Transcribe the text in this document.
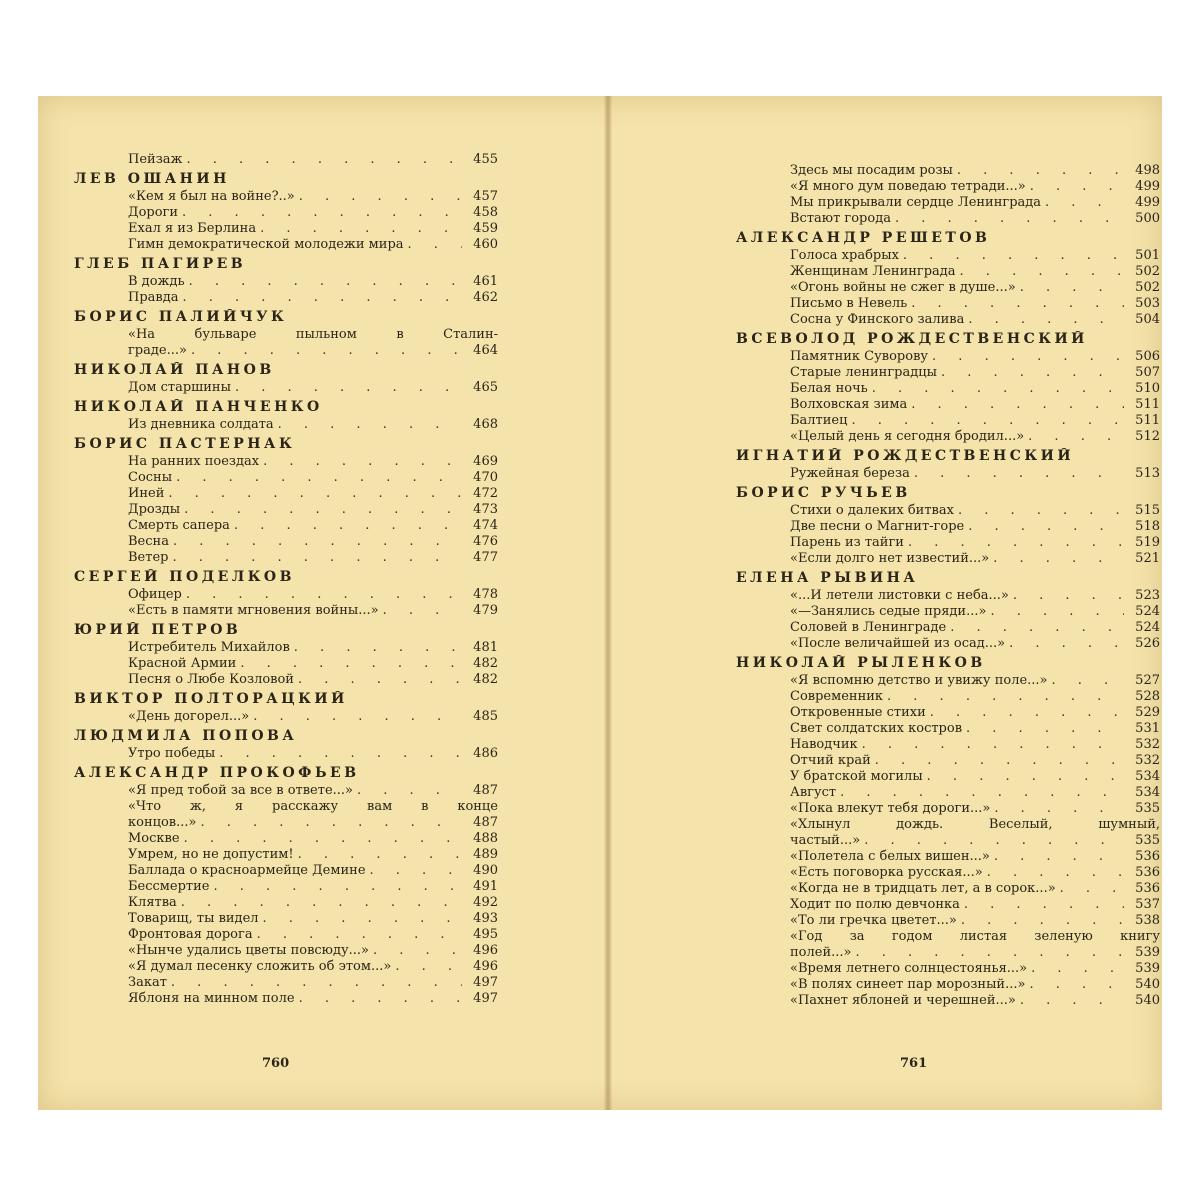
Пейзаж . . .	455
ЛЕВ ОШАНИН
«Кем я был на войне?..» . . .	457
Дороги . . .	458
Ехал я из Берлина . . .	459
Гимн демократической молодежи мира . . .	460
ГЛЕБ ПАГИРЕВ
В дождь . . .	461
Правда . . .	462
БОРИС ПАЛИЙЧУК
«На бульваре пыльном в Сталин-
граде...» . . .	464
НИКОЛАЙ ПАНОВ
Дом старшины . . .	465
НИКОЛАЙ ПАНЧЕНКО
Из дневника солдата . . .	468
БОРИС ПАСТЕРНАК
На ранних поездах . . .	469
Сосны . . .	470
Иней . . .	472
Дрозды . . .	473
Смерть сапера . . .	474
Весна . . .	476
Ветер . . .	477
СЕРГЕЙ ПОДЕЛКОВ
Офицер . . .	478
«Есть в памяти мгновения войны...» . . .	479
ЮРИЙ ПЕТРОВ
Истребитель Михайлов . . .	481
Красной Армии . . .	482
Песня о Любе Козловой . . .	482
ВИКТОР ПОЛТОРАЦКИЙ
«День догорел...» . . .	485
ЛЮДМИЛА ПОПОВА
Утро победы . . .	486
АЛЕКСАНДР ПРОКОФЬЕВ
«Я пред тобой за все в ответе...» . . .	487
«Что ж, я расскажу вам в конце
концов...» . . .	487
Москве . . .	488
Умрем, но не допустим! . . .	489
Баллада о красноармейце Демине . . .	490
Бессмертие . . .	491
Клятва . . .	492
Товарищ, ты видел . . .	493
Фронтовая дорога . . .	495
«Нынче удались цветы повсюду...» . . .	496
«Я думал песенку сложить об этом...» . . .	496
Закат . . .	497
Яблоня на минном поле . . .	497
760
Здесь мы посадим розы . . .	498
«Я много дум поведаю тетради...» . . .	499
Мы прикрывали сердце Ленинграда . . .	499
Встают города . . .	500
АЛЕКСАНДР РЕШЕТОВ
Голоса храбрых . . .	501
Женщинам Ленинграда . . .	502
«Огонь войны не сжег в душе...» . . .	502
Письмо в Невель . . .	503
Сосна у Финского залива . . .	504
ВСЕВОЛОД РОЖДЕСТВЕНСКИЙ
Памятник Суворову . . .	506
Старые ленинградцы . . .	507
Белая ночь . . .	510
Волховская зима . . .	511
Балтиец . . .	511
«Целый день я сегодня бродил...» . . .	512
ИГНАТИЙ РОЖДЕСТВЕНСКИЙ
Ружейная береза . . .	513
БОРИС РУЧЬЕВ
Стихи о далеких битвах . . .	515
Две песни о Магнит-горе . . .	518
Парень из тайги . . .	519
«Если долго нет известий...» . . .	521
ЕЛЕНА РЫВИНА
«...И летели листовки с неба...» . . .	523
«—Занялись седые пряди...» . . .	524
Соловей в Ленинграде . . .	524
«После величайшей из осад...» . . .	526
НИКОЛАЙ РЫЛЕНКОВ
«Я вспомню детство и увижу поле...» . . .	527
Современник . . .	528
Откровенные стихи . . .	529
Свет солдатских костров . . .	531
Наводчик . . .	532
Отчий край . . .	532
У братской могилы . . .	534
Август . . .	534
«Пока влекут тебя дороги...» . . .	535
«Хлынул дождь. Веселый, шумный,
частый...» . . .	535
«Полетела с белых вишен...» . . .	536
«Есть поговорка русская...» . . .	536
«Когда не в тридцать лет, а в сорок...» . . .	536
Ходит по полю девчонка . . .	537
«То ли гречка цветет...» . . .	538
«Год за годом листая зеленую книгу
полей...» . . .	539
«Время летнего солнцестоянья...» . . .	539
«В полях синеет пар морозный...» . . .	540
«Пахнет яблоней и черешней...» . . .	540
761
